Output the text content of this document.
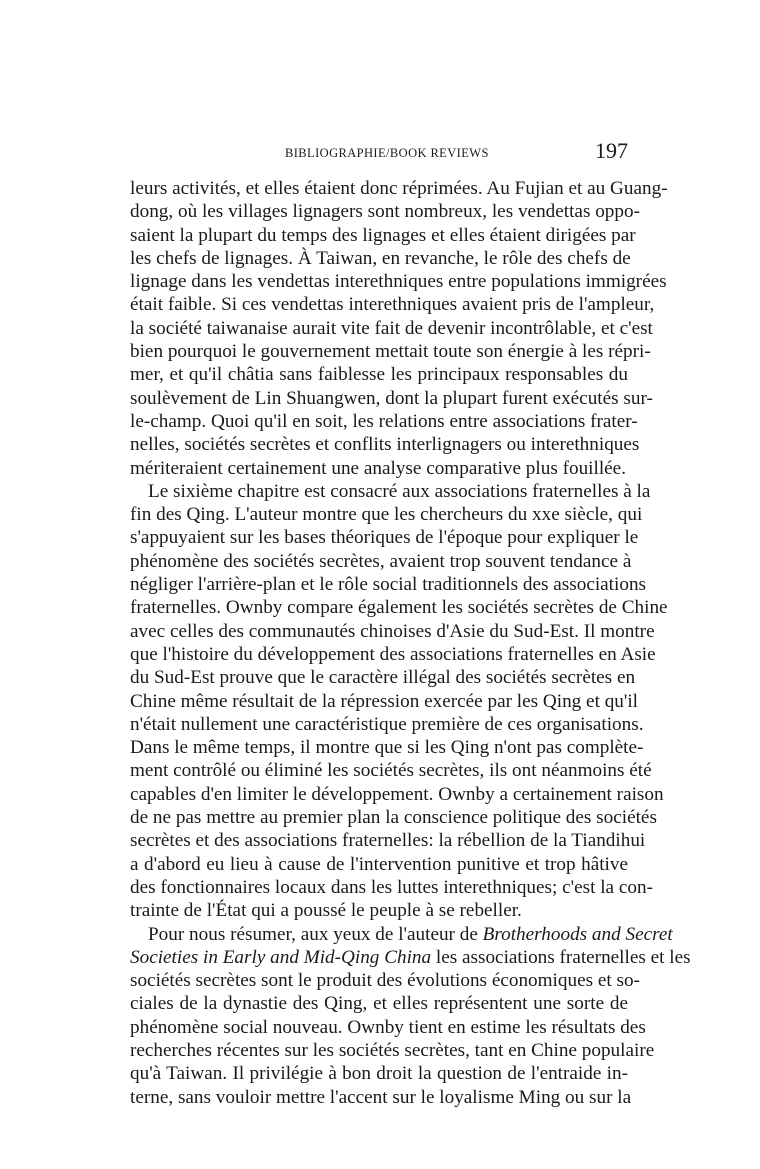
BIBLIOGRAPHIE/BOOK REVIEWS	197
leurs activités, et elles étaient donc réprimées. Au Fujian et au Guang-
dong, où les villages lignagers sont nombreux, les vendettas oppo-
saient la plupart du temps des lignages et elles étaient dirigées par
les chefs de lignages. À Taiwan, en revanche, le rôle des chefs de
lignage dans les vendettas interethniques entre populations immigrées
était faible. Si ces vendettas interethniques avaient pris de l'ampleur,
la société taiwanaise aurait vite fait de devenir incontrôlable, et c'est
bien pourquoi le gouvernement mettait toute son énergie à les répri-
mer, et qu'il châtia sans faiblesse les principaux responsables du
soulèvement de Lin Shuangwen, dont la plupart furent exécutés sur-
le-champ. Quoi qu'il en soit, les relations entre associations frater-
nelles, sociétés secrètes et conflits interlignagers ou interethniques
mériteraient certainement une analyse comparative plus fouillée.
Le sixième chapitre est consacré aux associations fraternelles à la
fin des Qing. L'auteur montre que les chercheurs du xxe siècle, qui
s'appuyaient sur les bases théoriques de l'époque pour expliquer le
phénomène des sociétés secrètes, avaient trop souvent tendance à
négliger l'arrière-plan et le rôle social traditionnels des associations
fraternelles. Ownby compare également les sociétés secrètes de Chine
avec celles des communautés chinoises d'Asie du Sud-Est. Il montre
que l'histoire du développement des associations fraternelles en Asie
du Sud-Est prouve que le caractère illégal des sociétés secrètes en
Chine même résultait de la répression exercée par les Qing et qu'il
n'était nullement une caractéristique première de ces organisations.
Dans le même temps, il montre que si les Qing n'ont pas complète-
ment contrôlé ou éliminé les sociétés secrètes, ils ont néanmoins été
capables d'en limiter le développement. Ownby a certainement raison
de ne pas mettre au premier plan la conscience politique des sociétés
secrètes et des associations fraternelles: la rébellion de la Tiandihui
a d'abord eu lieu à cause de l'intervention punitive et trop hâtive
des fonctionnaires locaux dans les luttes interethniques; c'est la con-
trainte de l'État qui a poussé le peuple à se rebeller.
Pour nous résumer, aux yeux de l'auteur de Brotherhoods and Secret
Societies in Early and Mid-Qing China les associations fraternelles et les
sociétés secrètes sont le produit des évolutions économiques et so-
ciales de la dynastie des Qing, et elles représentent une sorte de
phénomène social nouveau. Ownby tient en estime les résultats des
recherches récentes sur les sociétés secrètes, tant en Chine populaire
qu'à Taiwan. Il privilégie à bon droit la question de l'entraide in-
terne, sans vouloir mettre l'accent sur le loyalisme Ming ou sur la
